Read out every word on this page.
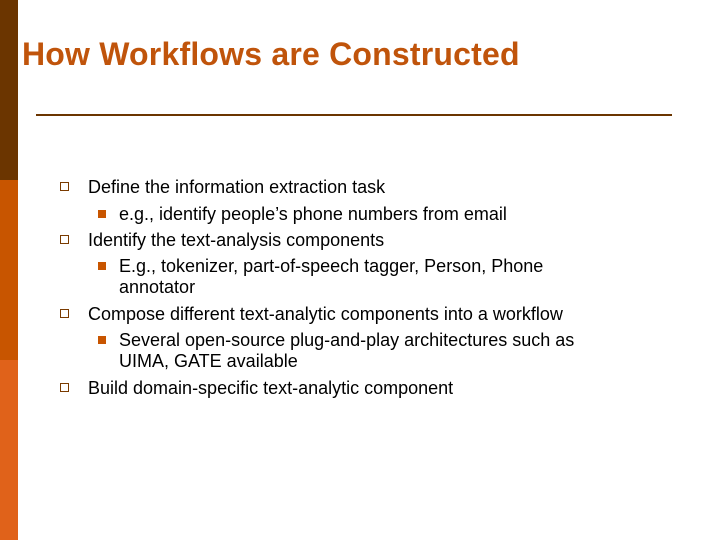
How Workflows are Constructed
Define the information extraction task
e.g., identify people’s phone numbers from email
Identify the text-analysis components
E.g., tokenizer, part-of-speech tagger, Person, Phone
annotator
Compose different text-analytic components into a workflow
Several open-source plug-and-play architectures such as
UIMA, GATE available
Build domain-specific text-analytic component
